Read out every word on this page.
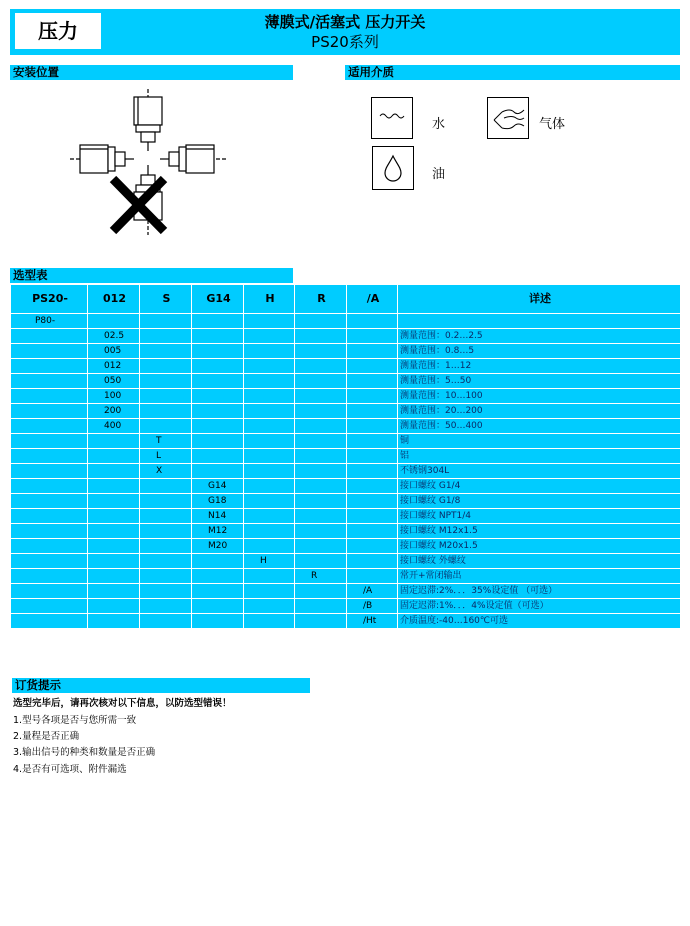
压力	薄膜式/活塞式 压力开关
PS20系列
安装位置	适用介质
水	气体
油
选型表
PS20-	012	S	G14	H	R	/A	详述
P80-							
	02.5						测量范围：0.2…2.5
	005						测量范围：0.8…5
	012						测量范围：1…12
	050						测量范围：5…50
	100						测量范围：10…100
	200						测量范围：20…200
	400						测量范围：50…400
		T					铜
		L					铝
		X					不锈钢304L
			G14				接口螺纹 G1/4
			G18				接口螺纹 G1/8
			N14				接口螺纹 NPT1/4
			M12				接口螺纹 M12x1.5
			M20				接口螺纹 M20x1.5
				H			接口螺纹 外螺纹
					R		常开+常闭输出
						/A	固定迟滞:2%．．．35%设定值 （可选）
						/B	固定迟滞:1%．．．4%设定值（可选）
						/Ht	介质温度:-40…160℃可选
订货提示
选型完毕后，请再次核对以下信息，以防选型错误！
1.型号各项是否与您所需一致
2.量程是否正确
3.输出信号的种类和数量是否正确
4.是否有可选项、附件漏选
